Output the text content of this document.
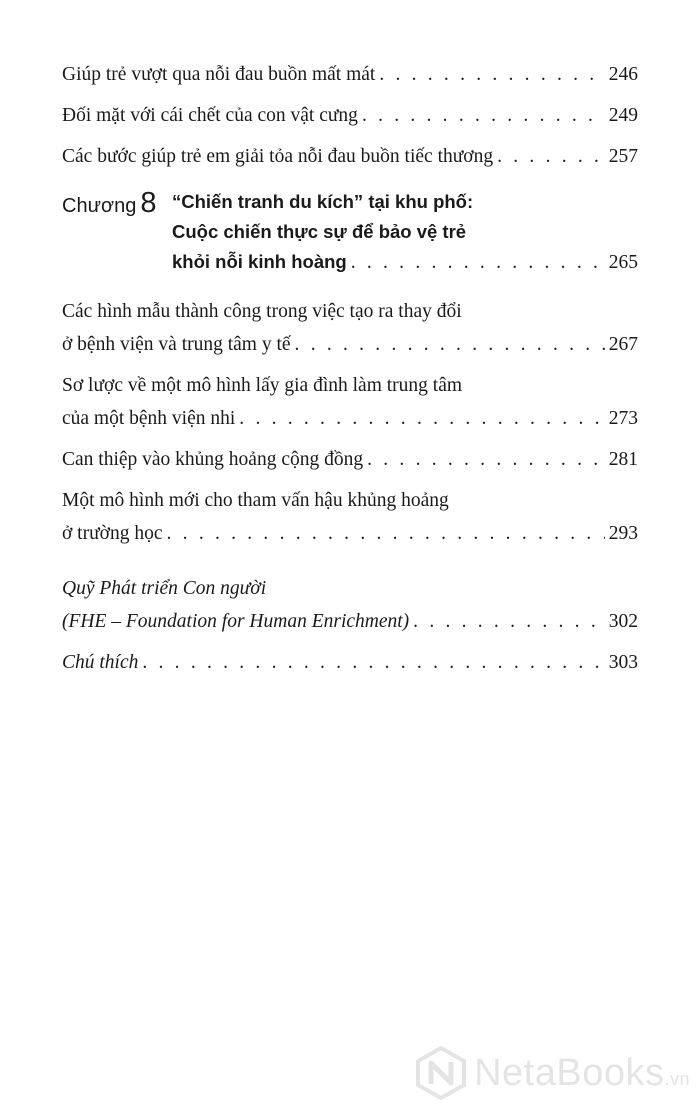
Giúp trẻ vượt qua nỗi đau buồn mất mát . . .	246
Đối mặt với cái chết của con vật cưng . . .	249
Các bước giúp trẻ em giải tỏa nỗi đau buồn tiếc thương . . .	257
Chương 8 “Chiến tranh du kích” tại khu phố:
Cuộc chiến thực sự để bảo vệ trẻ
khỏi nỗi kinh hoàng . . .	265
Các hình mẫu thành công trong việc tạo ra thay đổi
ở bệnh viện và trung tâm y tế . . .	267
Sơ lược về một mô hình lấy gia đình làm trung tâm
của một bệnh viện nhi . . .	273
Can thiệp vào khủng hoảng cộng đồng . . .	281
Một mô hình mới cho tham vấn hậu khủng hoảng
ở trường học . . .	293
Quỹ Phát triển Con người
(FHE – Foundation for Human Enrichment) . . .	302
Chú thích . . .	303
NetaBooks.vn
